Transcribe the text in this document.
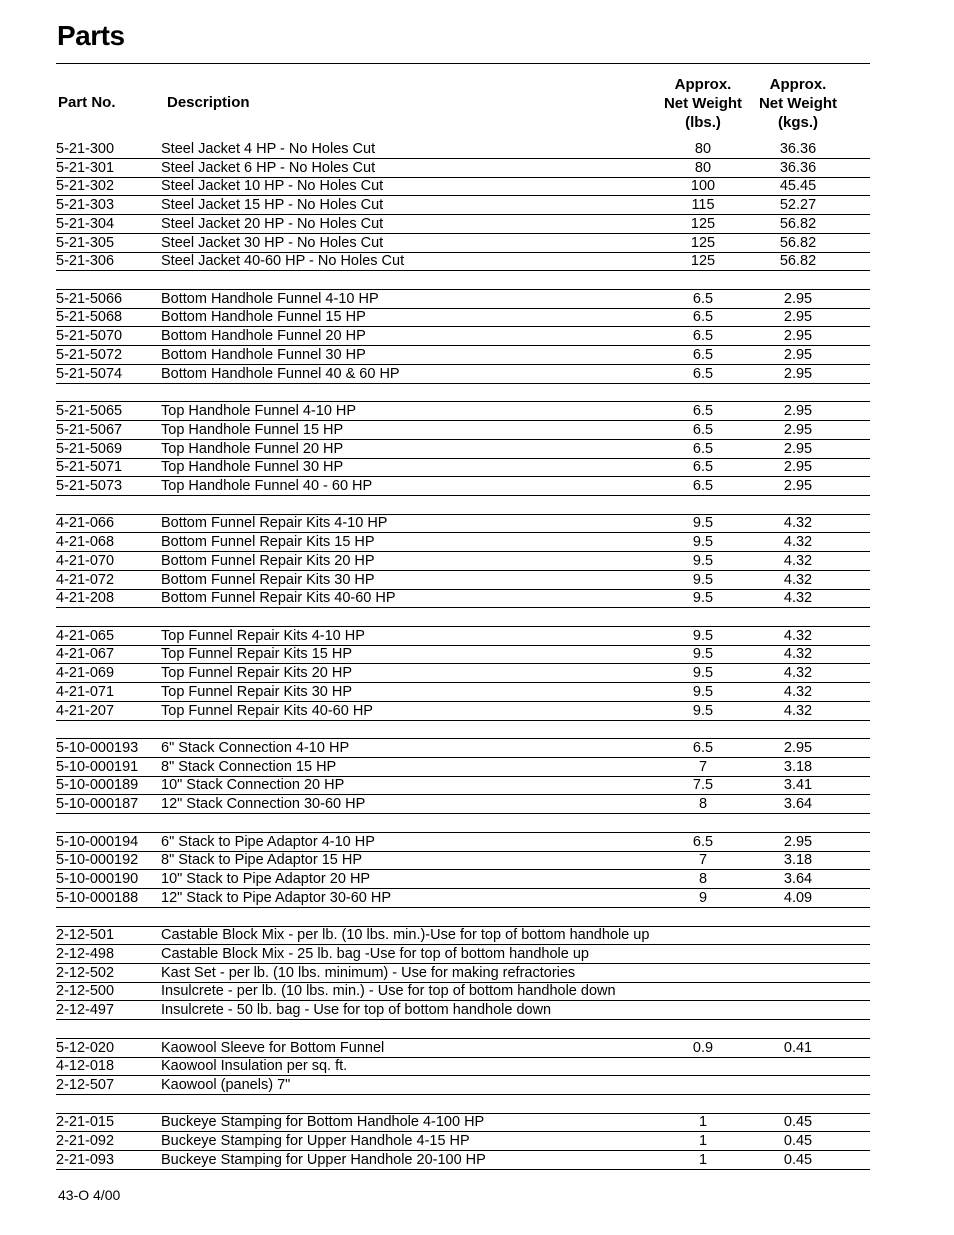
Parts
Part No.	Description
Approx.
Net Weight
(lbs.)
Approx.
Net Weight
(kgs.)
5-21-300	Steel Jacket 4 HP - No Holes Cut	80	36.36
5-21-301	Steel Jacket 6 HP - No Holes Cut	80	36.36
5-21-302	Steel Jacket 10 HP - No Holes Cut	100	45.45
5-21-303	Steel Jacket 15 HP - No Holes Cut	115	52.27
5-21-304	Steel Jacket 20 HP - No Holes Cut	125	56.82
5-21-305	Steel Jacket 30 HP - No Holes Cut	125	56.82
5-21-306	Steel Jacket 40-60 HP - No Holes Cut	125	56.82
5-21-5066	Bottom Handhole Funnel 4-10 HP	6.5	2.95
5-21-5068	Bottom Handhole Funnel 15 HP	6.5	2.95
5-21-5070	Bottom Handhole Funnel 20 HP	6.5	2.95
5-21-5072	Bottom Handhole Funnel 30 HP	6.5	2.95
5-21-5074	Bottom Handhole Funnel 40 & 60 HP	6.5	2.95
5-21-5065	Top Handhole Funnel 4-10 HP	6.5	2.95
5-21-5067	Top Handhole Funnel 15 HP	6.5	2.95
5-21-5069	Top Handhole Funnel 20 HP	6.5	2.95
5-21-5071	Top Handhole Funnel 30 HP	6.5	2.95
5-21-5073	Top Handhole Funnel 40 - 60 HP	6.5	2.95
4-21-066	Bottom Funnel Repair Kits 4-10 HP	9.5	4.32
4-21-068	Bottom Funnel Repair Kits 15 HP	9.5	4.32
4-21-070	Bottom Funnel Repair Kits 20 HP	9.5	4.32
4-21-072	Bottom Funnel Repair Kits 30 HP	9.5	4.32
4-21-208	Bottom Funnel Repair Kits 40-60 HP	9.5	4.32
4-21-065	Top Funnel Repair Kits 4-10 HP	9.5	4.32
4-21-067	Top Funnel Repair Kits 15 HP	9.5	4.32
4-21-069	Top Funnel Repair Kits 20 HP	9.5	4.32
4-21-071	Top Funnel Repair Kits 30 HP	9.5	4.32
4-21-207	Top Funnel Repair Kits 40-60 HP	9.5	4.32
5-10-000193 6" Stack Connection 4-10 HP	6.5	2.95
5-10-000191 8" Stack Connection 15 HP	7	3.18
5-10-000189 10" Stack Connection 20 HP	7.5	3.41
5-10-000187 12" Stack Connection 30-60 HP	8	3.64
5-10-000194 6" Stack to Pipe Adaptor 4-10 HP	6.5	2.95
5-10-000192 8" Stack to Pipe Adaptor 15 HP	7	3.18
5-10-000190 10" Stack to Pipe Adaptor 20 HP	8	3.64
5-10-000188 12" Stack to Pipe Adaptor 30-60 HP	9	4.09
2-12-501	Castable Block Mix - per lb. (10 lbs. min.)-Use for top of bottom handhole up
2-12-498	Castable Block Mix - 25 lb. bag -Use for top of bottom handhole up
2-12-502	Kast Set - per lb. (10 lbs. minimum) - Use for making refractories
2-12-500	Insulcrete - per lb. (10 lbs. min.) - Use for top of bottom handhole down
2-12-497	Insulcrete - 50 lb. bag - Use for top of bottom handhole down
5-12-020	Kaowool Sleeve for Bottom Funnel	0.9	0.41
4-12-018	Kaowool Insulation per sq. ft.
2-12-507	Kaowool (panels) 7"
2-21-015	Buckeye Stamping for Bottom Handhole 4-100 HP	1	0.45
2-21-092	Buckeye Stamping for Upper Handhole 4-15 HP	1	0.45
2-21-093	Buckeye Stamping for Upper Handhole 20-100 HP	1	0.45
43-O 4/00
